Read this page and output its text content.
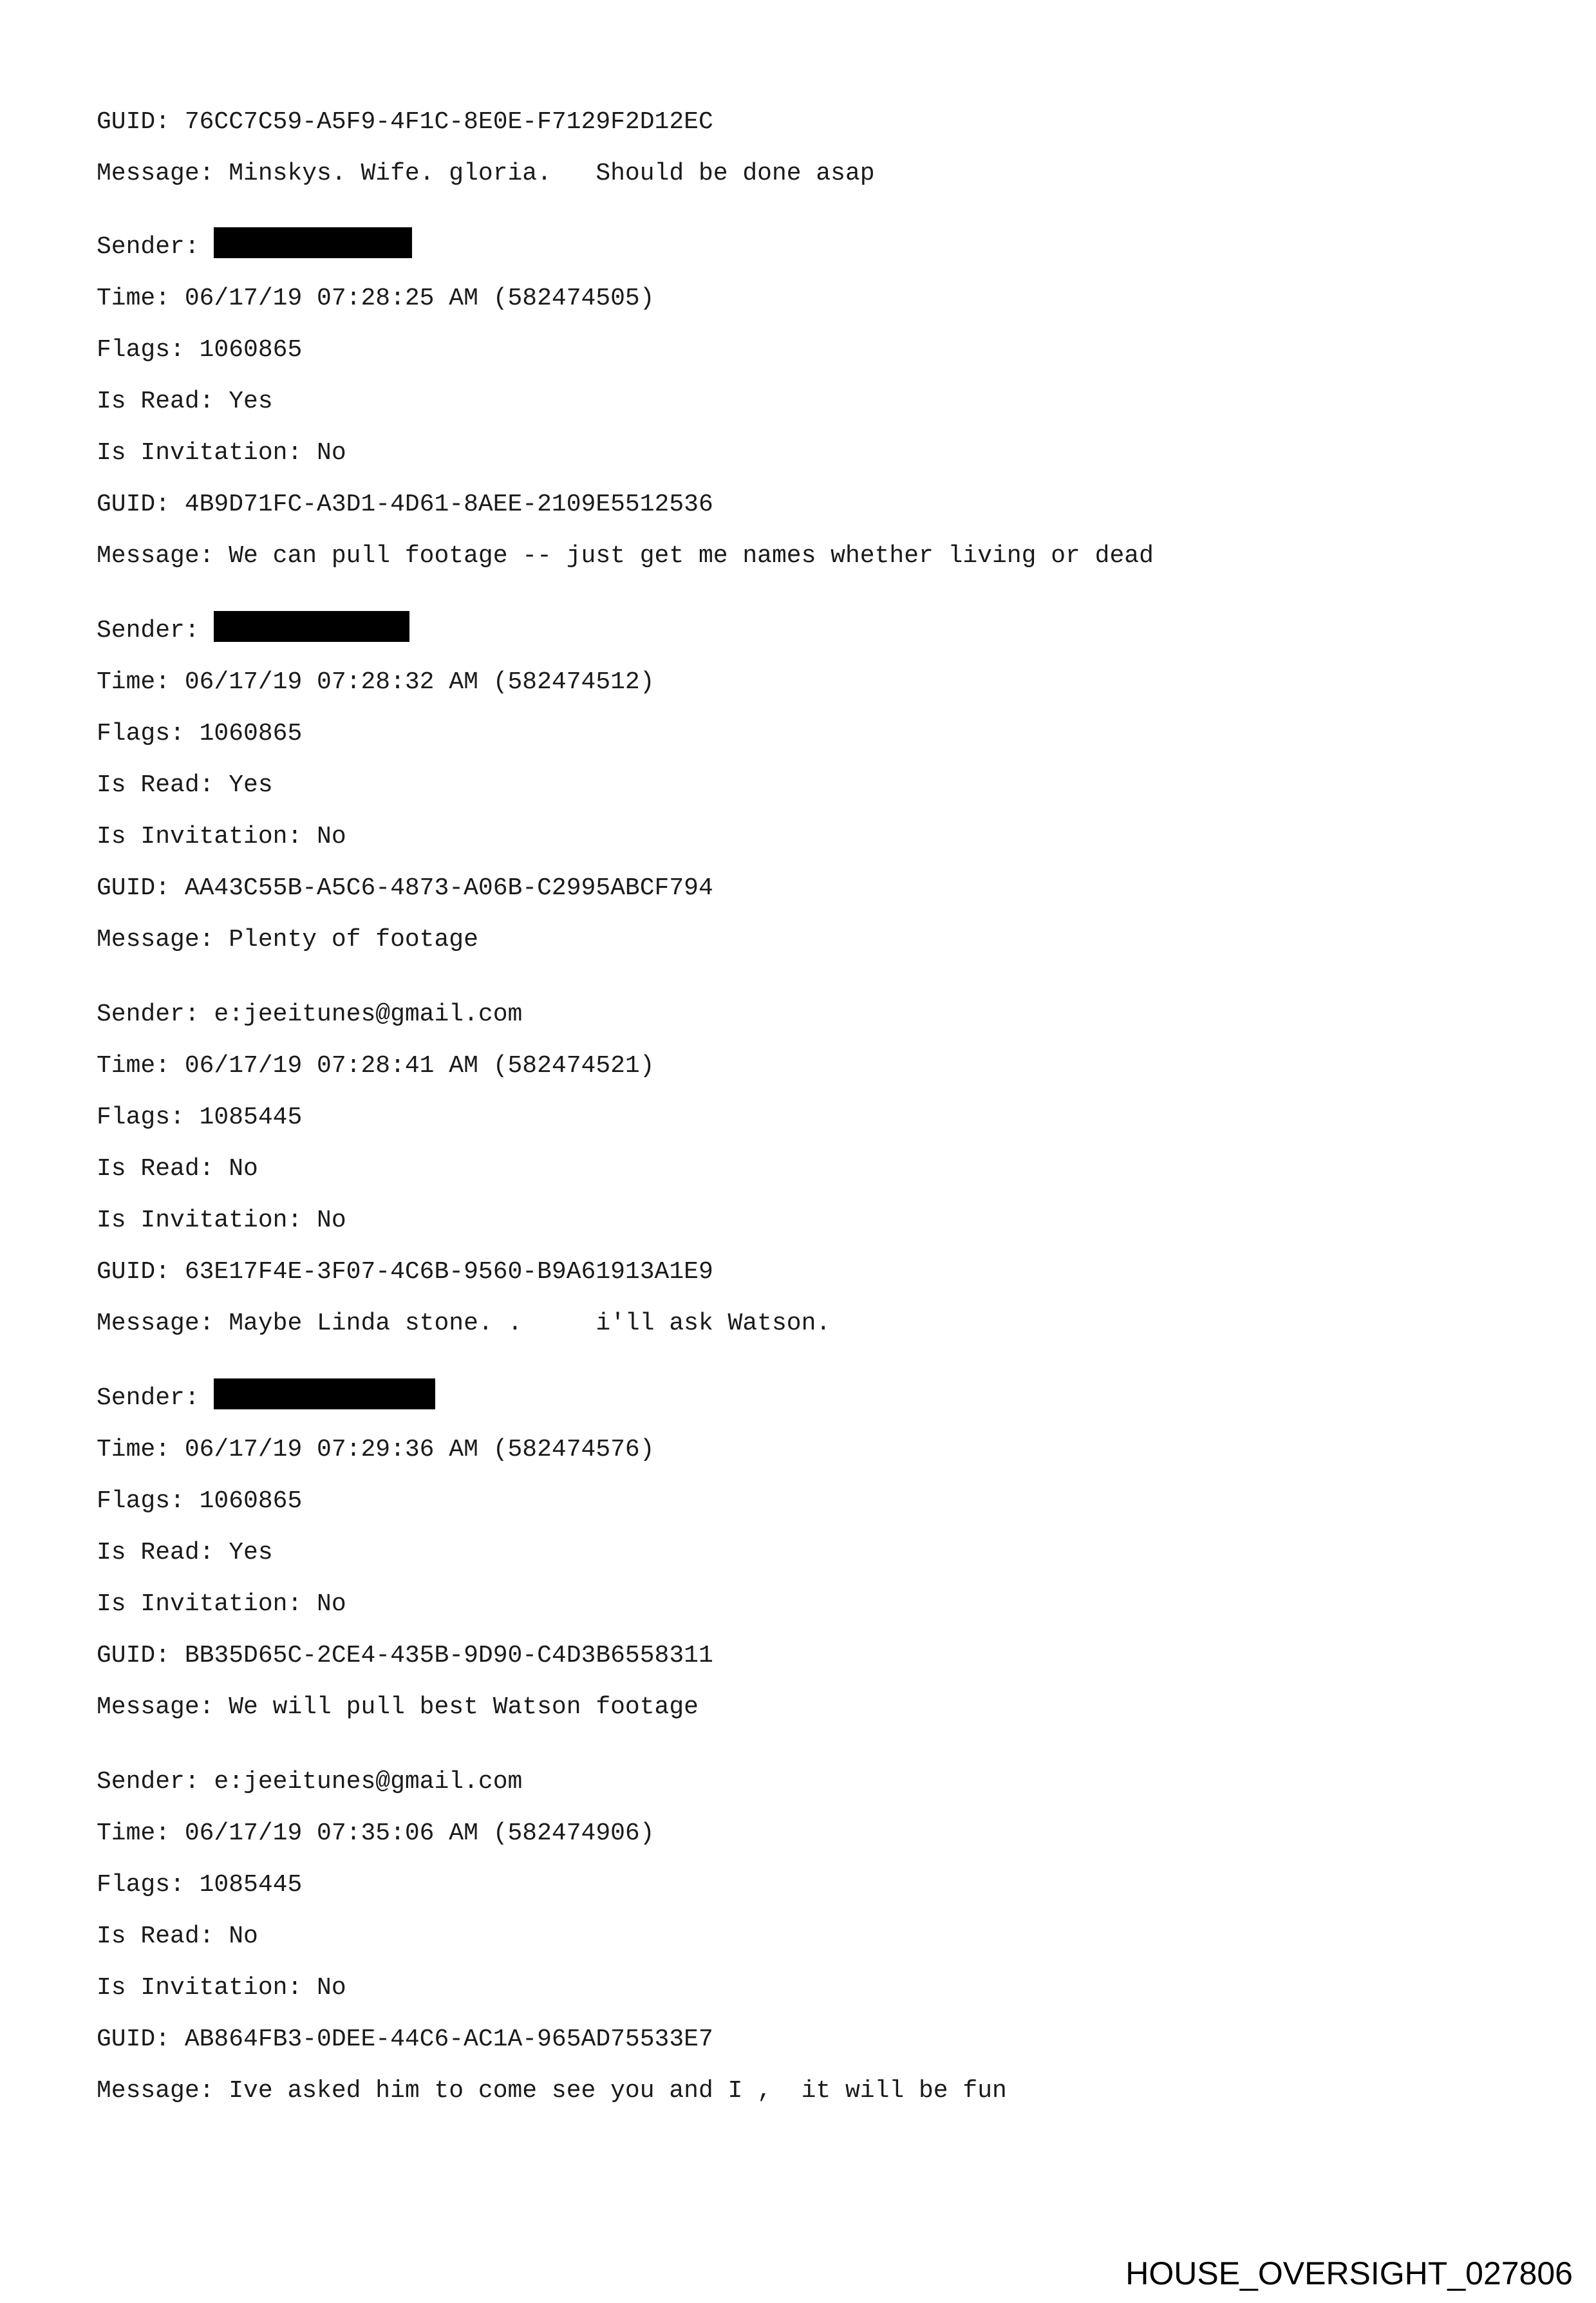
GUID: 76CC7C59-A5F9-4F1C-8E0E-F7129F2D12EC
Message: Minskys. Wife. gloria.   Should be done asap
Sender:
Time: 06/17/19 07:28:25 AM (582474505)
Flags: 1060865
Is Read: Yes
Is Invitation: No
GUID: 4B9D71FC-A3D1-4D61-8AEE-2109E5512536
Message: We can pull footage -- just get me names whether living or dead
Sender:
Time: 06/17/19 07:28:32 AM (582474512)
Flags: 1060865
Is Read: Yes
Is Invitation: No
GUID: AA43C55B-A5C6-4873-A06B-C2995ABCF794
Message: Plenty of footage
Sender: e:jeeitunes@gmail.com
Time: 06/17/19 07:28:41 AM (582474521)
Flags: 1085445
Is Read: No
Is Invitation: No
GUID: 63E17F4E-3F07-4C6B-9560-B9A61913A1E9
Message: Maybe Linda stone. .     i'll ask Watson.
Sender:
Time: 06/17/19 07:29:36 AM (582474576)
Flags: 1060865
Is Read: Yes
Is Invitation: No
GUID: BB35D65C-2CE4-435B-9D90-C4D3B6558311
Message: We will pull best Watson footage
Sender: e:jeeitunes@gmail.com
Time: 06/17/19 07:35:06 AM (582474906)
Flags: 1085445
Is Read: No
Is Invitation: No
GUID: AB864FB3-0DEE-44C6-AC1A-965AD75533E7
Message: Ive asked him to come see you and I ,  it will be fun
HOUSE_OVERSIGHT_027806
